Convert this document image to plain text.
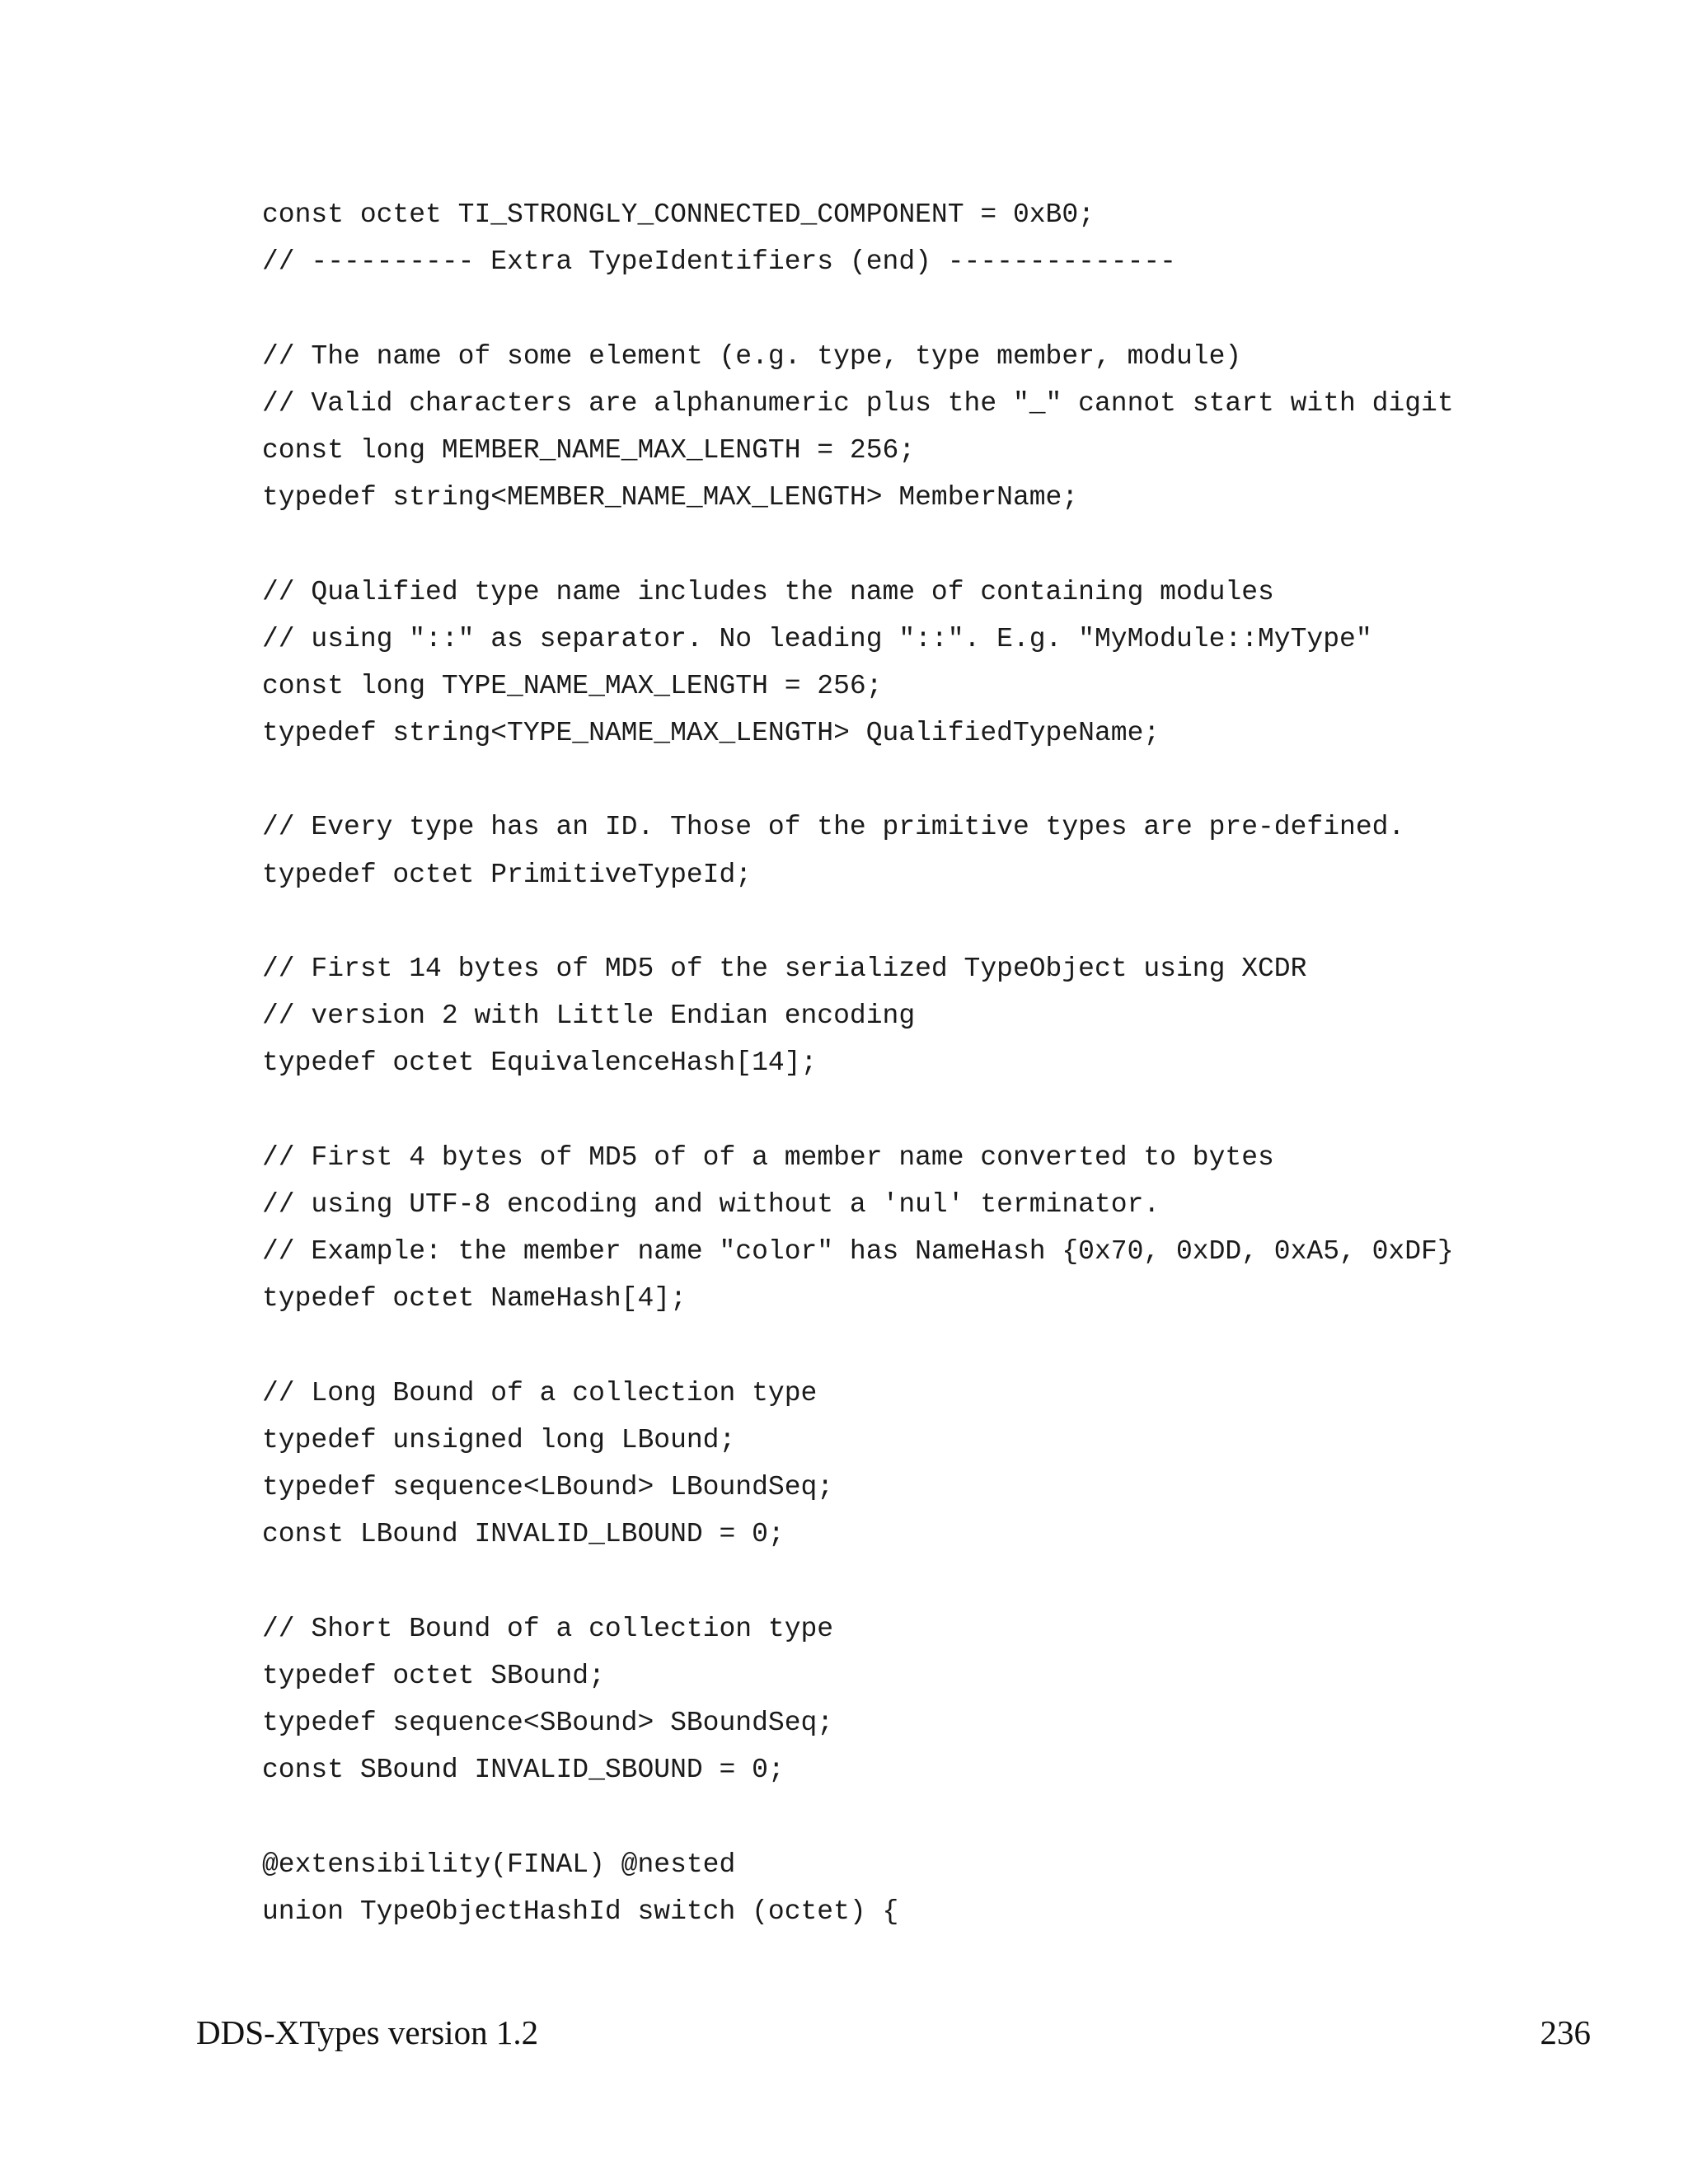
const octet TI_STRONGLY_CONNECTED_COMPONENT = 0xB0;
// ---------- Extra TypeIdentifiers (end) --------------
// The name of some element (e.g. type, type member, module)
// Valid characters are alphanumeric plus the "_" cannot start with digit
const long MEMBER_NAME_MAX_LENGTH = 256;
typedef string<MEMBER_NAME_MAX_LENGTH> MemberName;
// Qualified type name includes the name of containing modules
// using "::" as separator. No leading "::". E.g. "MyModule::MyType"
const long TYPE_NAME_MAX_LENGTH = 256;
typedef string<TYPE_NAME_MAX_LENGTH> QualifiedTypeName;
// Every type has an ID. Those of the primitive types are pre-defined.
typedef octet PrimitiveTypeId;
// First 14 bytes of MD5 of the serialized TypeObject using XCDR
// version 2 with Little Endian encoding
typedef octet EquivalenceHash[14];
// First 4 bytes of MD5 of of a member name converted to bytes
// using UTF-8 encoding and without a 'nul' terminator.
// Example: the member name "color" has NameHash {0x70, 0xDD, 0xA5, 0xDF}
typedef octet NameHash[4];
// Long Bound of a collection type
typedef unsigned long LBound;
typedef sequence<LBound> LBoundSeq;
const LBound INVALID_LBOUND = 0;
// Short Bound of a collection type
typedef octet SBound;
typedef sequence<SBound> SBoundSeq;
const SBound INVALID_SBOUND = 0;
@extensibility(FINAL) @nested
union TypeObjectHashId switch (octet) {
DDS-XTypes version 1.2	236
